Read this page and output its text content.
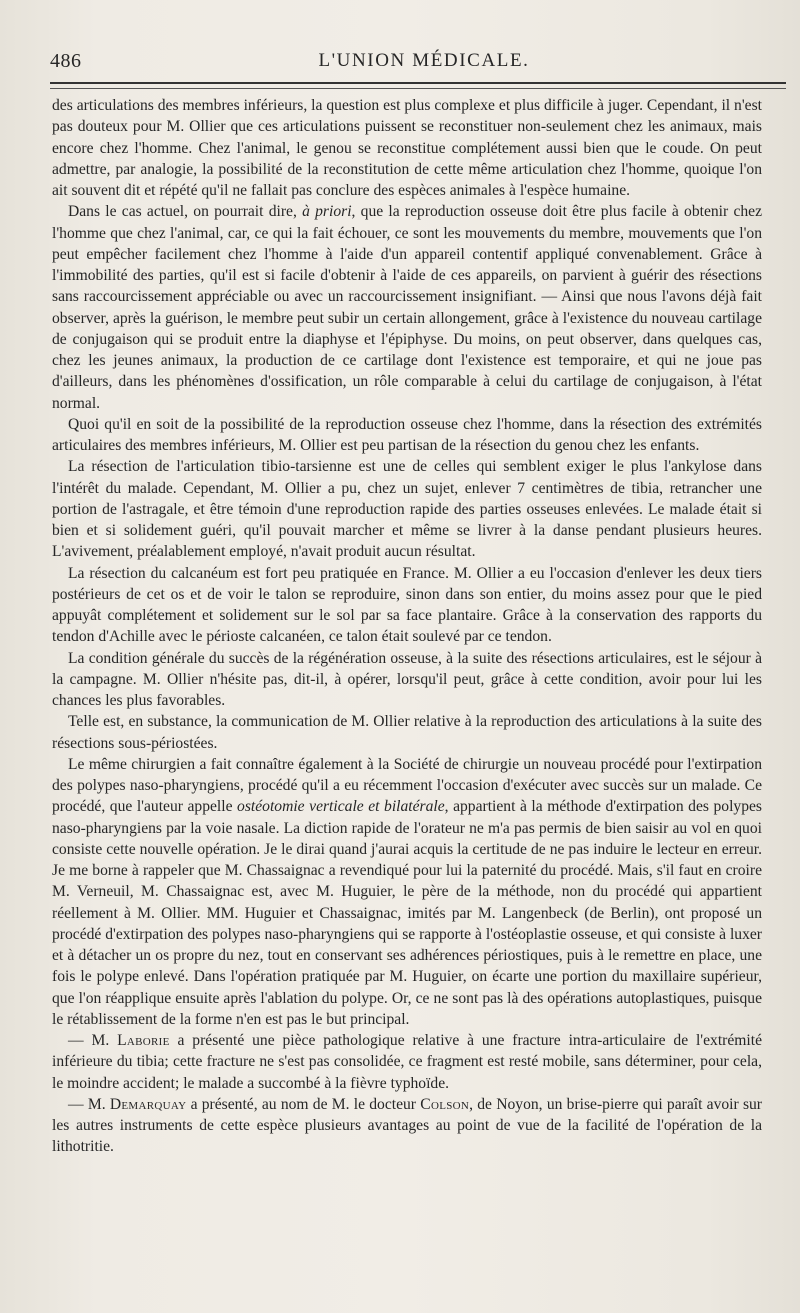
486	L'UNION MÉDICALE.

des articulations des membres inférieurs, la question est plus complexe et plus difficile à juger. Cependant, il n'est pas douteux pour M. Ollier que ces articulations puissent se reconstituer non-seulement chez les animaux, mais encore chez l'homme. Chez l'animal, le genou se reconstitue complétement aussi bien que le coude. On peut admettre, par analogie, la possibilité de la reconstitution de cette même articulation chez l'homme, quoique l'on ait souvent dit et répété qu'il ne fallait pas conclure des espèces animales à l'espèce humaine.

Dans le cas actuel, on pourrait dire, à priori, que la reproduction osseuse doit être plus facile à obtenir chez l'homme que chez l'animal, car, ce qui la fait échouer, ce sont les mouvements du membre, mouvements que l'on peut empêcher facilement chez l'homme à l'aide d'un appareil contentif appliqué convenablement. Grâce à l'immobilité des parties, qu'il est si facile d'obtenir à l'aide de ces appareils, on parvient à guérir des résections sans raccourcissement appréciable ou avec un raccourcissement insignifiant. — Ainsi que nous l'avons déjà fait observer, après la guérison, le membre peut subir un certain allongement, grâce à l'existence du nouveau cartilage de conjugaison qui se produit entre la diaphyse et l'épiphyse. Du moins, on peut observer, dans quelques cas, chez les jeunes animaux, la production de ce cartilage dont l'existence est temporaire, et qui ne joue pas d'ailleurs, dans les phénomènes d'ossification, un rôle comparable à celui du cartilage de conjugaison, à l'état normal.

Quoi qu'il en soit de la possibilité de la reproduction osseuse chez l'homme, dans la résection des extrémités articulaires des membres inférieurs, M. Ollier est peu partisan de la résection du genou chez les enfants.

La résection de l'articulation tibio-tarsienne est une de celles qui semblent exiger le plus l'ankylose dans l'intérêt du malade. Cependant, M. Ollier a pu, chez un sujet, enlever 7 centimètres de tibia, retrancher une portion de l'astragale, et être témoin d'une reproduction rapide des parties osseuses enlevées. Le malade était si bien et si solidement guéri, qu'il pouvait marcher et même se livrer à la danse pendant plusieurs heures. L'avivement, préalablement employé, n'avait produit aucun résultat.

La résection du calcanéum est fort peu pratiquée en France. M. Ollier a eu l'occasion d'enlever les deux tiers postérieurs de cet os et de voir le talon se reproduire, sinon dans son entier, du moins assez pour que le pied appuyât complétement et solidement sur le sol par sa face plantaire. Grâce à la conservation des rapports du tendon d'Achille avec le périoste calcanéen, ce talon était soulevé par ce tendon.

La condition générale du succès de la régénération osseuse, à la suite des résections articulaires, est le séjour à la campagne. M. Ollier n'hésite pas, dit-il, à opérer, lorsqu'il peut, grâce à cette condition, avoir pour lui les chances les plus favorables.

Telle est, en substance, la communication de M. Ollier relative à la reproduction des articulations à la suite des résections sous-périostées.

Le même chirurgien a fait connaître également à la Société de chirurgie un nouveau procédé pour l'extirpation des polypes naso-pharyngiens, procédé qu'il a eu récemment l'occasion d'exécuter avec succès sur un malade. Ce procédé, que l'auteur appelle ostéotomie verticale et bilatérale, appartient à la méthode d'extirpation des polypes naso-pharyngiens par la voie nasale. La diction rapide de l'orateur ne m'a pas permis de bien saisir au vol en quoi consiste cette nouvelle opération. Je le dirai quand j'aurai acquis la certitude de ne pas induire le lecteur en erreur. Je me borne à rappeler que M. Chassaignac a revendiqué pour lui la paternité du procédé. Mais, s'il faut en croire M. Verneuil, M. Chassaignac est, avec M. Huguier, le père de la méthode, non du procédé qui appartient réellement à M. Ollier. MM. Huguier et Chassaignac, imités par M. Langenbeck (de Berlin), ont proposé un procédé d'extirpation des polypes naso-pharyngiens qui se rapporte à l'ostéoplastie osseuse, et qui consiste à luxer et à détacher un os propre du nez, tout en conservant ses adhérences périostiques, puis à le remettre en place, une fois le polype enlevé. Dans l'opération pratiquée par M. Huguier, on écarte une portion du maxillaire supérieur, que l'on réapplique ensuite après l'ablation du polype. Or, ce ne sont pas là des opérations autoplastiques, puisque le rétablissement de la forme n'en est pas le but principal.

— M. Laborie a présenté une pièce pathologique relative à une fracture intra-articulaire de l'extrémité inférieure du tibia; cette fracture ne s'est pas consolidée, ce fragment est resté mobile, sans déterminer, pour cela, le moindre accident; le malade a succombé à la fièvre typhoïde.

— M. Demarquay a présenté, au nom de M. le docteur Colson, de Noyon, un brise-pierre qui paraît avoir sur les autres instruments de cette espèce plusieurs avantages au point de vue de la facilité de l'opération de la lithotritie.
